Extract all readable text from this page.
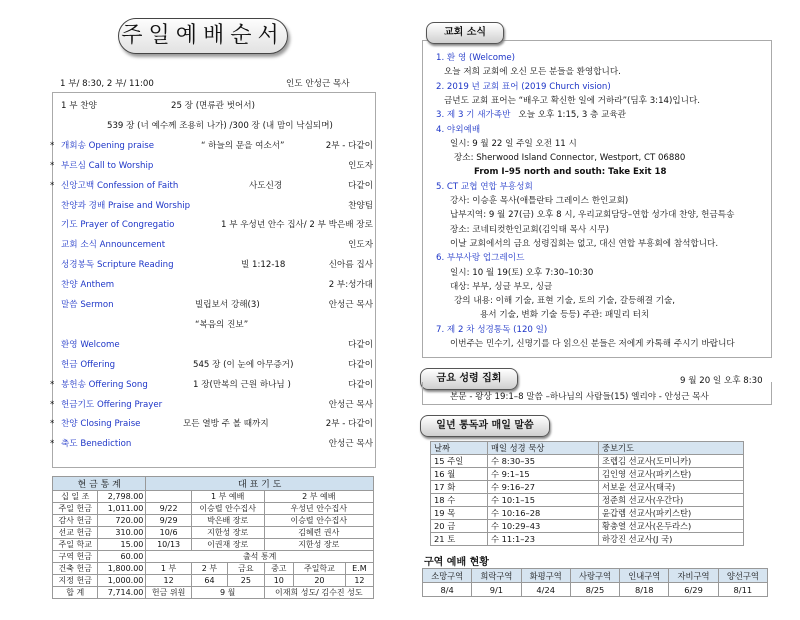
주일예배순서
1 부/ 8:30, 2 부/ 11:00	인도 안성근 목사
1 부 찬양	25 장 (면류관 벗어서)
539 장 (너 예수께 조용히 나가) /300 장 (내 맘이 낙심되며)
* 개회송 Opening praise	“ 하늘의 문을 여소서”	2부 - 다같이
* 부르심 Call to Worship	인도자
* 신앙고백 Confession of Faith	사도신경	다같이
찬양과 경배 Praise and Worship	찬양팀
기도 Prayer of Congregatio	1 부 우성년 안수 집사/ 2 부 박은배 장로
교회 소식 Announcement	인도자
성경봉독 Scripture Reading	빌 1:12-18	신아름 집사
찬양 Anthem	2 부:성가대
말씀 Sermon	빌립보서 강해(3)	안성근 목사
“복음의 진보”
환영 Welcome	다같이
헌금 Offering	545 장 (이 눈에 아무증거)	다같이
* 봉헌송 Offering Song	1 장(만복의 근원 하나님 )	다같이
* 헌금기도 Offering Prayer	안성근 목사
* 찬양 Closing Praise	모든 열방 주 볼 때까지	2부 - 다같이
* 축도 Benediction	안성근 목사
현 금 통 계		대 표 기 도					
십 일 조	2,798.00		1 부 예배		2 부 예배		
주일 헌금	1,011.00	9/22	이승렬 안수집사		우성년 안수집사		
감사 헌금	720.00	9/29	박은배 장로		이승렬 안수집사		
선교 헌금	310.00	10/6	지한성 장로		김혜련 권사		
주일 학교	15.00	10/13	이권재 장로		지한성 장로		
구역 헌금	60.00	출석 통계					
건축 헌금	1,800.00	1 부	2 부	금요	중고	주일학교	E.M
지정 헌금	1,000.00	12	64	25	10	20	12
합 계	7,714.00	헌금 위원	9 월		이재희 성도/ 김수진 성도		
교회 소식
1. 환 영 (Welcome)
오늘 저희 교회에 오신 모든 분들을 환영합니다.
2. 2019 년 교회 표어 (2019 Church vision)
금년도 교회 표어는 “배우고 확신한 일에 거하라”(딤후 3:14)입니다.
3. 제 3 기 새가족반 오늘 오후 1:15, 3 층 교육관
4. 야외예배
일시: 9 월 22 일 주일 오전 11 시
장소: Sherwood Island Connector, Westport, CT 06880
From I–95 north and south: Take Exit 18
5. CT 교협 연합 부흥성회
강사: 이승훈 목사(애틀란타 그레이스 한인교회)
납부지역: 9 월 27(금) 오후 8 시, 우리교회담당–연합 성가대 찬양, 헌금특송
장소: 코네티컷한인교회(김익태 목사 시무)
이날 교회에서의 금요 성령집회는 없고, 대신 연합 부흥회에 참석합니다.
6. 부부사랑 업그레이드
일시: 10 월 19(토) 오후 7:30–10:30
대상: 부부, 싱글 부모, 싱글
강의 내용: 이해 기술, 표현 기술, 토의 기술, 갈등해결 기술,
용서 기술, 변화 기술 등등) 주관: 패밀리 터치
7. 제 2 차 성경통독 (120 일)
이번주는 민수기, 신명기를 다 읽으신 분들은 저에게 카톡해 주시기 바랍니다
금요 성령 집회	9 월 20 일 오후 8:30
본문 - 왕상 19:1–8 말씀 –하나님의 사람들(15) 엘리야 - 안성근 목사
일년 통독과 매일 말씀
날짜	매일 성경 묵상	중보기도
15 주일	수 8:30–35	조렙김 선교사(도미니카)
16 월	수 9:1–15	김인영 선교사(파키스탄)
17 화	수 9:16–27	서보윤 선교사(태국)
18 수	수 10:1–15	정준희 선교사(우간다)
19 목	수 10:16–28	윤갑렘 선교사(파키스탄)
20 금	수 10:29–43	황충열 선교사(온두라스)
21 토	수 11:1–23	하강진 선교사(J 국)
구역 예배 현황
소망구역	희락구역	화평구역	사랑구역	인내구역	자비구역	양선구역
8/4	9/1	4/24	8/25	8/18	6/29	8/11
